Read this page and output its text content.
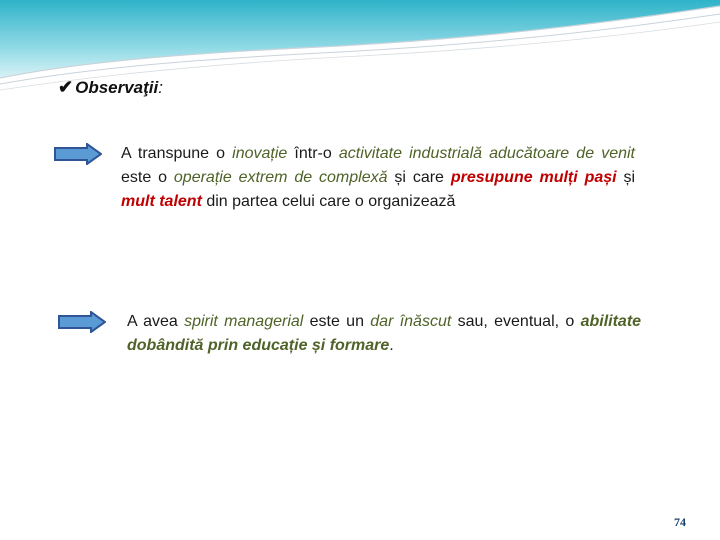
✔ Observaţii :
A transpune o inovație într-o activitate industrială aducătoare de venit este o operație extrem de complexă și care presupune mulți pași și mult talent din partea celui care o organizează
A avea spirit managerial este un dar înăscut sau, eventual, o abilitate dobândită prin educație și formare.
74
